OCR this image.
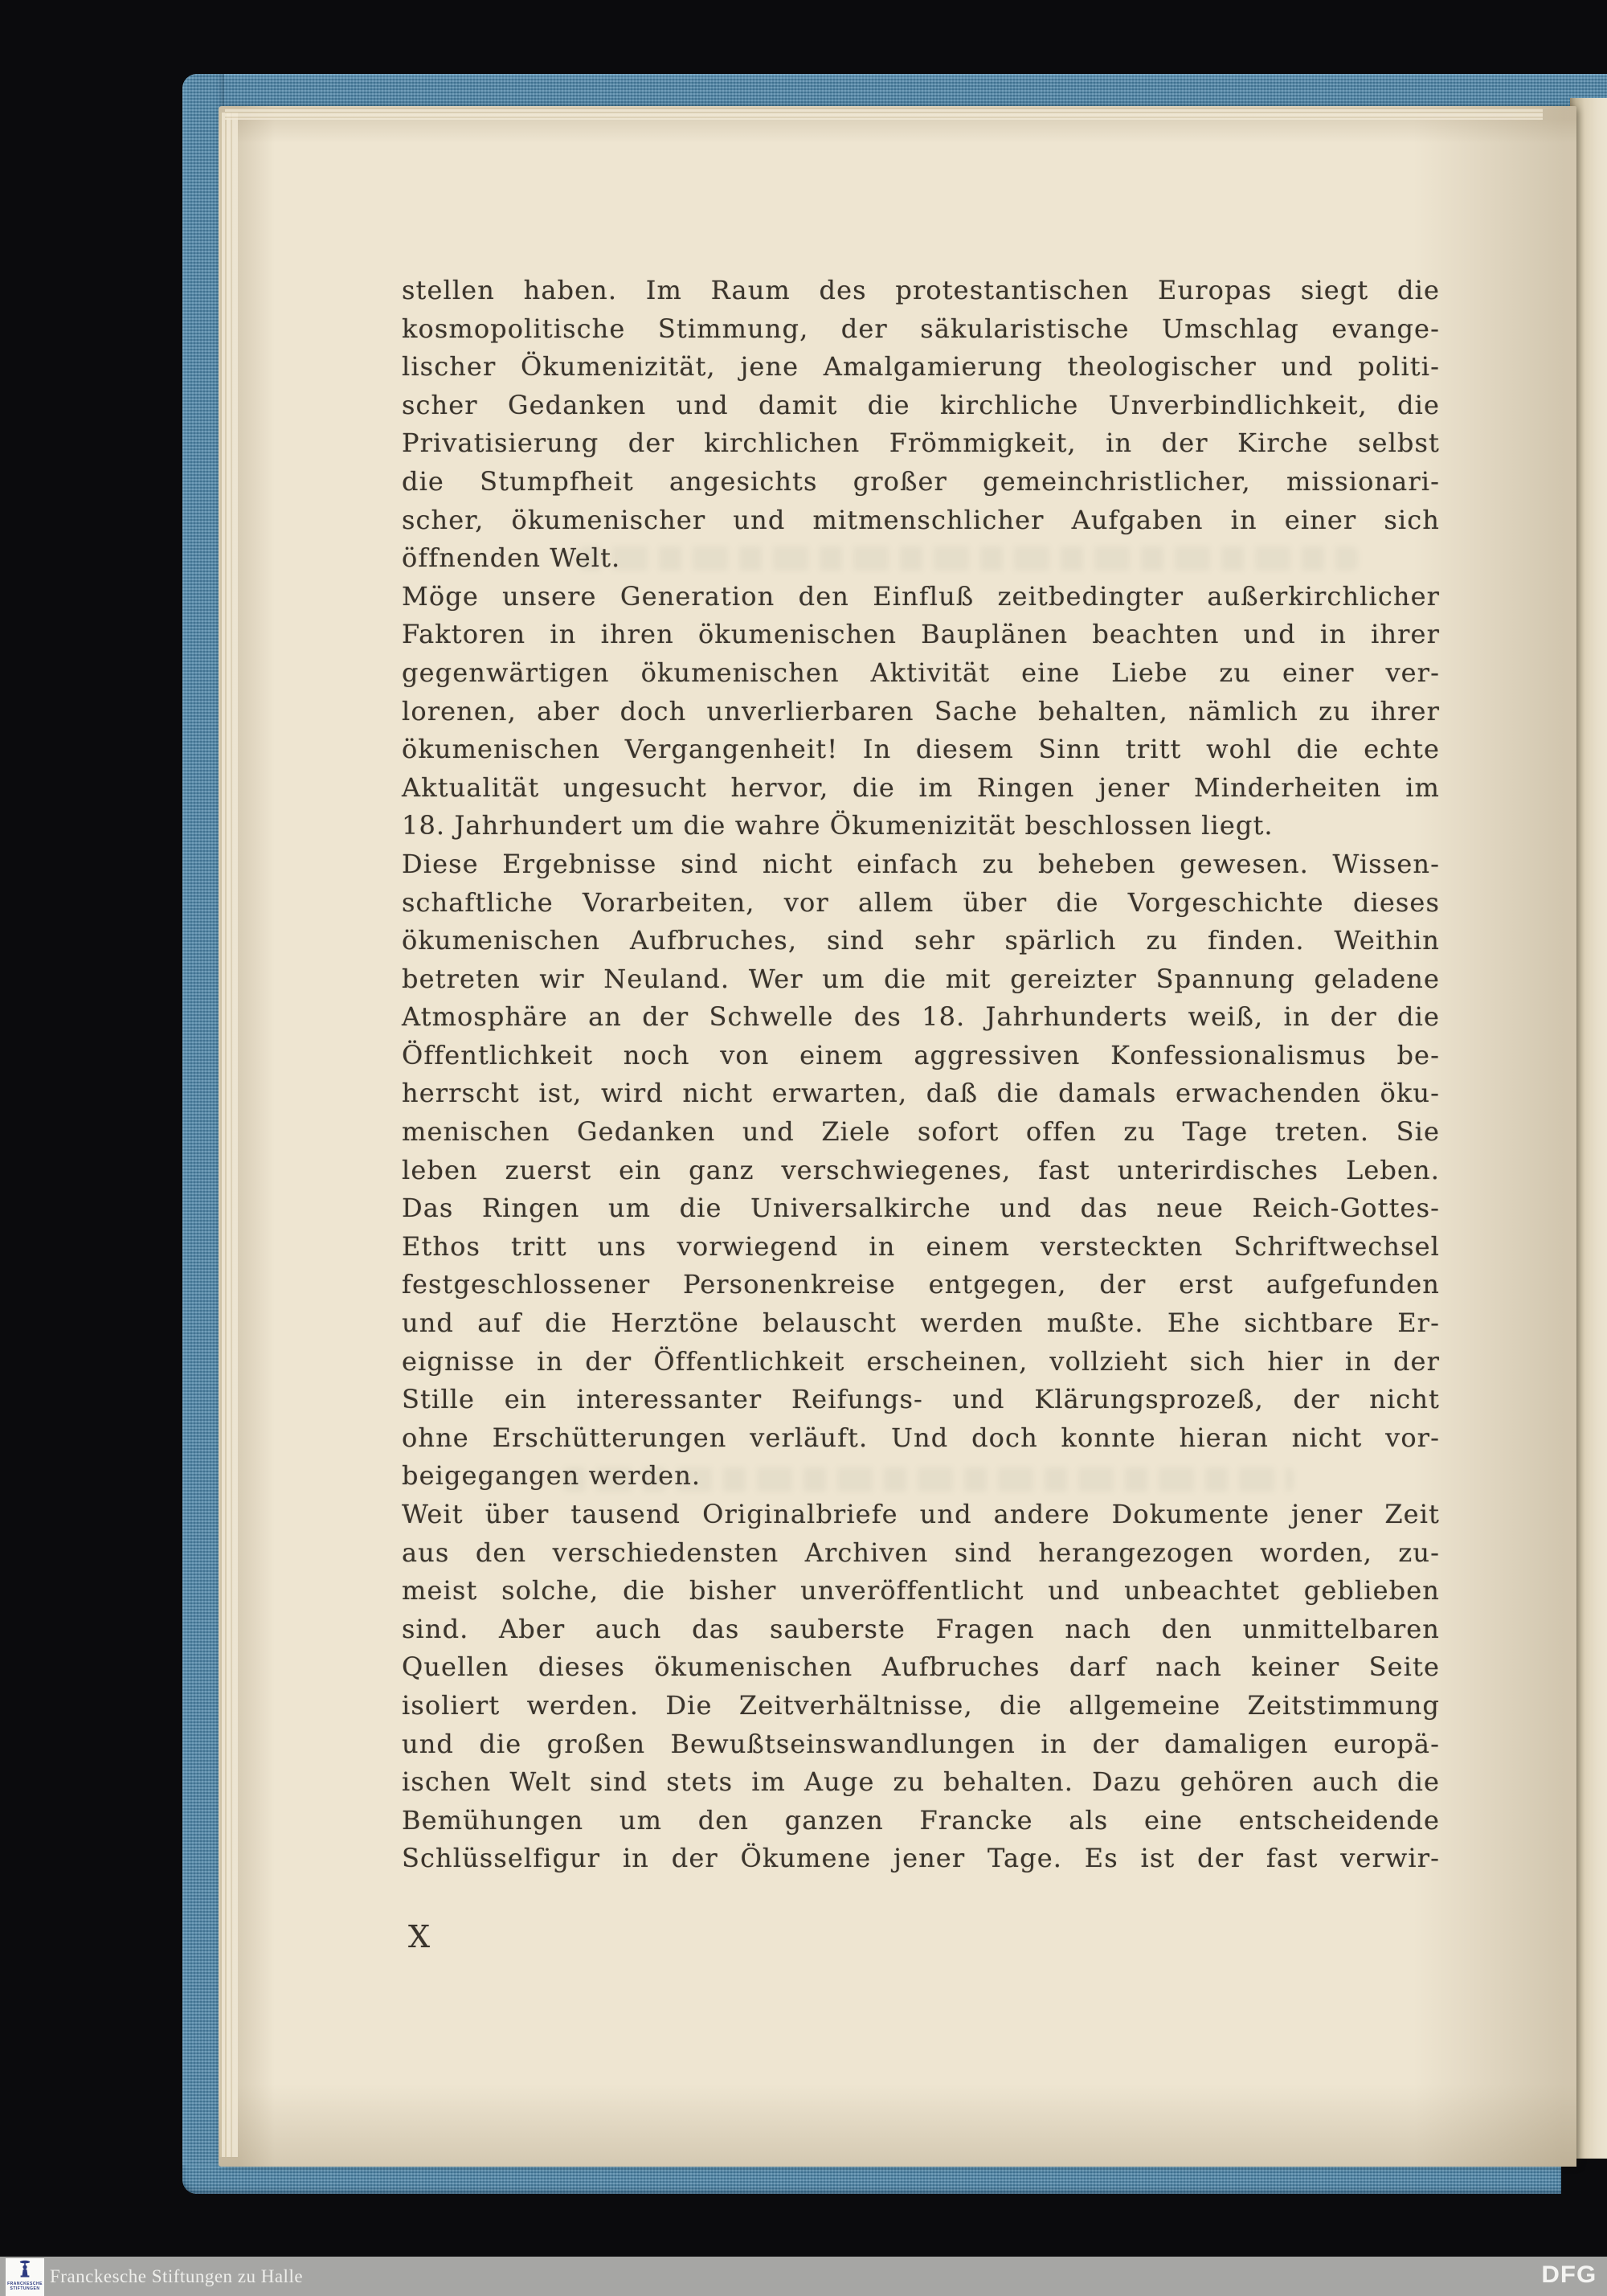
stellen haben. Im Raum des protestantischen Europas siegt die
kosmopolitische Stimmung, der säkularistische Umschlag evange-
lischer Ökumenizität, jene Amalgamierung theologischer und politi-
scher Gedanken und damit die kirchliche Unverbindlichkeit, die
Privatisierung der kirchlichen Frömmigkeit, in der Kirche selbst
die Stumpfheit angesichts großer gemeinchristlicher, missionari-
scher, ökumenischer und mitmenschlicher Aufgaben in einer sich
öffnenden Welt.
Möge unsere Generation den Einfluß zeitbedingter außerkirchlicher
Faktoren in ihren ökumenischen Bauplänen beachten und in ihrer
gegenwärtigen ökumenischen Aktivität eine Liebe zu einer ver-
lorenen, aber doch unverlierbaren Sache behalten, nämlich zu ihrer
ökumenischen Vergangenheit! In diesem Sinn tritt wohl die echte
Aktualität ungesucht hervor, die im Ringen jener Minderheiten im
18. Jahrhundert um die wahre Ökumenizität beschlossen liegt.
Diese Ergebnisse sind nicht einfach zu beheben gewesen. Wissen-
schaftliche Vorarbeiten, vor allem über die Vorgeschichte dieses
ökumenischen Aufbruches, sind sehr spärlich zu finden. Weithin
betreten wir Neuland. Wer um die mit gereizter Spannung geladene
Atmosphäre an der Schwelle des 18. Jahrhunderts weiß, in der die
Öffentlichkeit noch von einem aggressiven Konfessionalismus be-
herrscht ist, wird nicht erwarten, daß die damals erwachenden öku-
menischen Gedanken und Ziele sofort offen zu Tage treten. Sie
leben zuerst ein ganz verschwiegenes, fast unterirdisches Leben.
Das Ringen um die Universalkirche und das neue Reich-Gottes-
Ethos tritt uns vorwiegend in einem versteckten Schriftwechsel
festgeschlossener Personenkreise entgegen, der erst aufgefunden
und auf die Herztöne belauscht werden mußte. Ehe sichtbare Er-
eignisse in der Öffentlichkeit erscheinen, vollzieht sich hier in der
Stille ein interessanter Reifungs- und Klärungsprozeß, der nicht
ohne Erschütterungen verläuft. Und doch konnte hieran nicht vor-
beigegangen werden.
Weit über tausend Originalbriefe und andere Dokumente jener Zeit
aus den verschiedensten Archiven sind herangezogen worden, zu-
meist solche, die bisher unveröffentlicht und unbeachtet geblieben
sind. Aber auch das sauberste Fragen nach den unmittelbaren
Quellen dieses ökumenischen Aufbruches darf nach keiner Seite
isoliert werden. Die Zeitverhältnisse, die allgemeine Zeitstimmung
und die großen Bewußtseinswandlungen in der damaligen europä-
ischen Welt sind stets im Auge zu behalten. Dazu gehören auch die
Bemühungen um den ganzen Francke als eine entscheidende
Schlüsselfigur in der Ökumene jener Tage. Es ist der fast verwir-
X
FRANCKESCHE
STIFTUNGEN
Franckesche Stiftungen zu Halle	DFG
